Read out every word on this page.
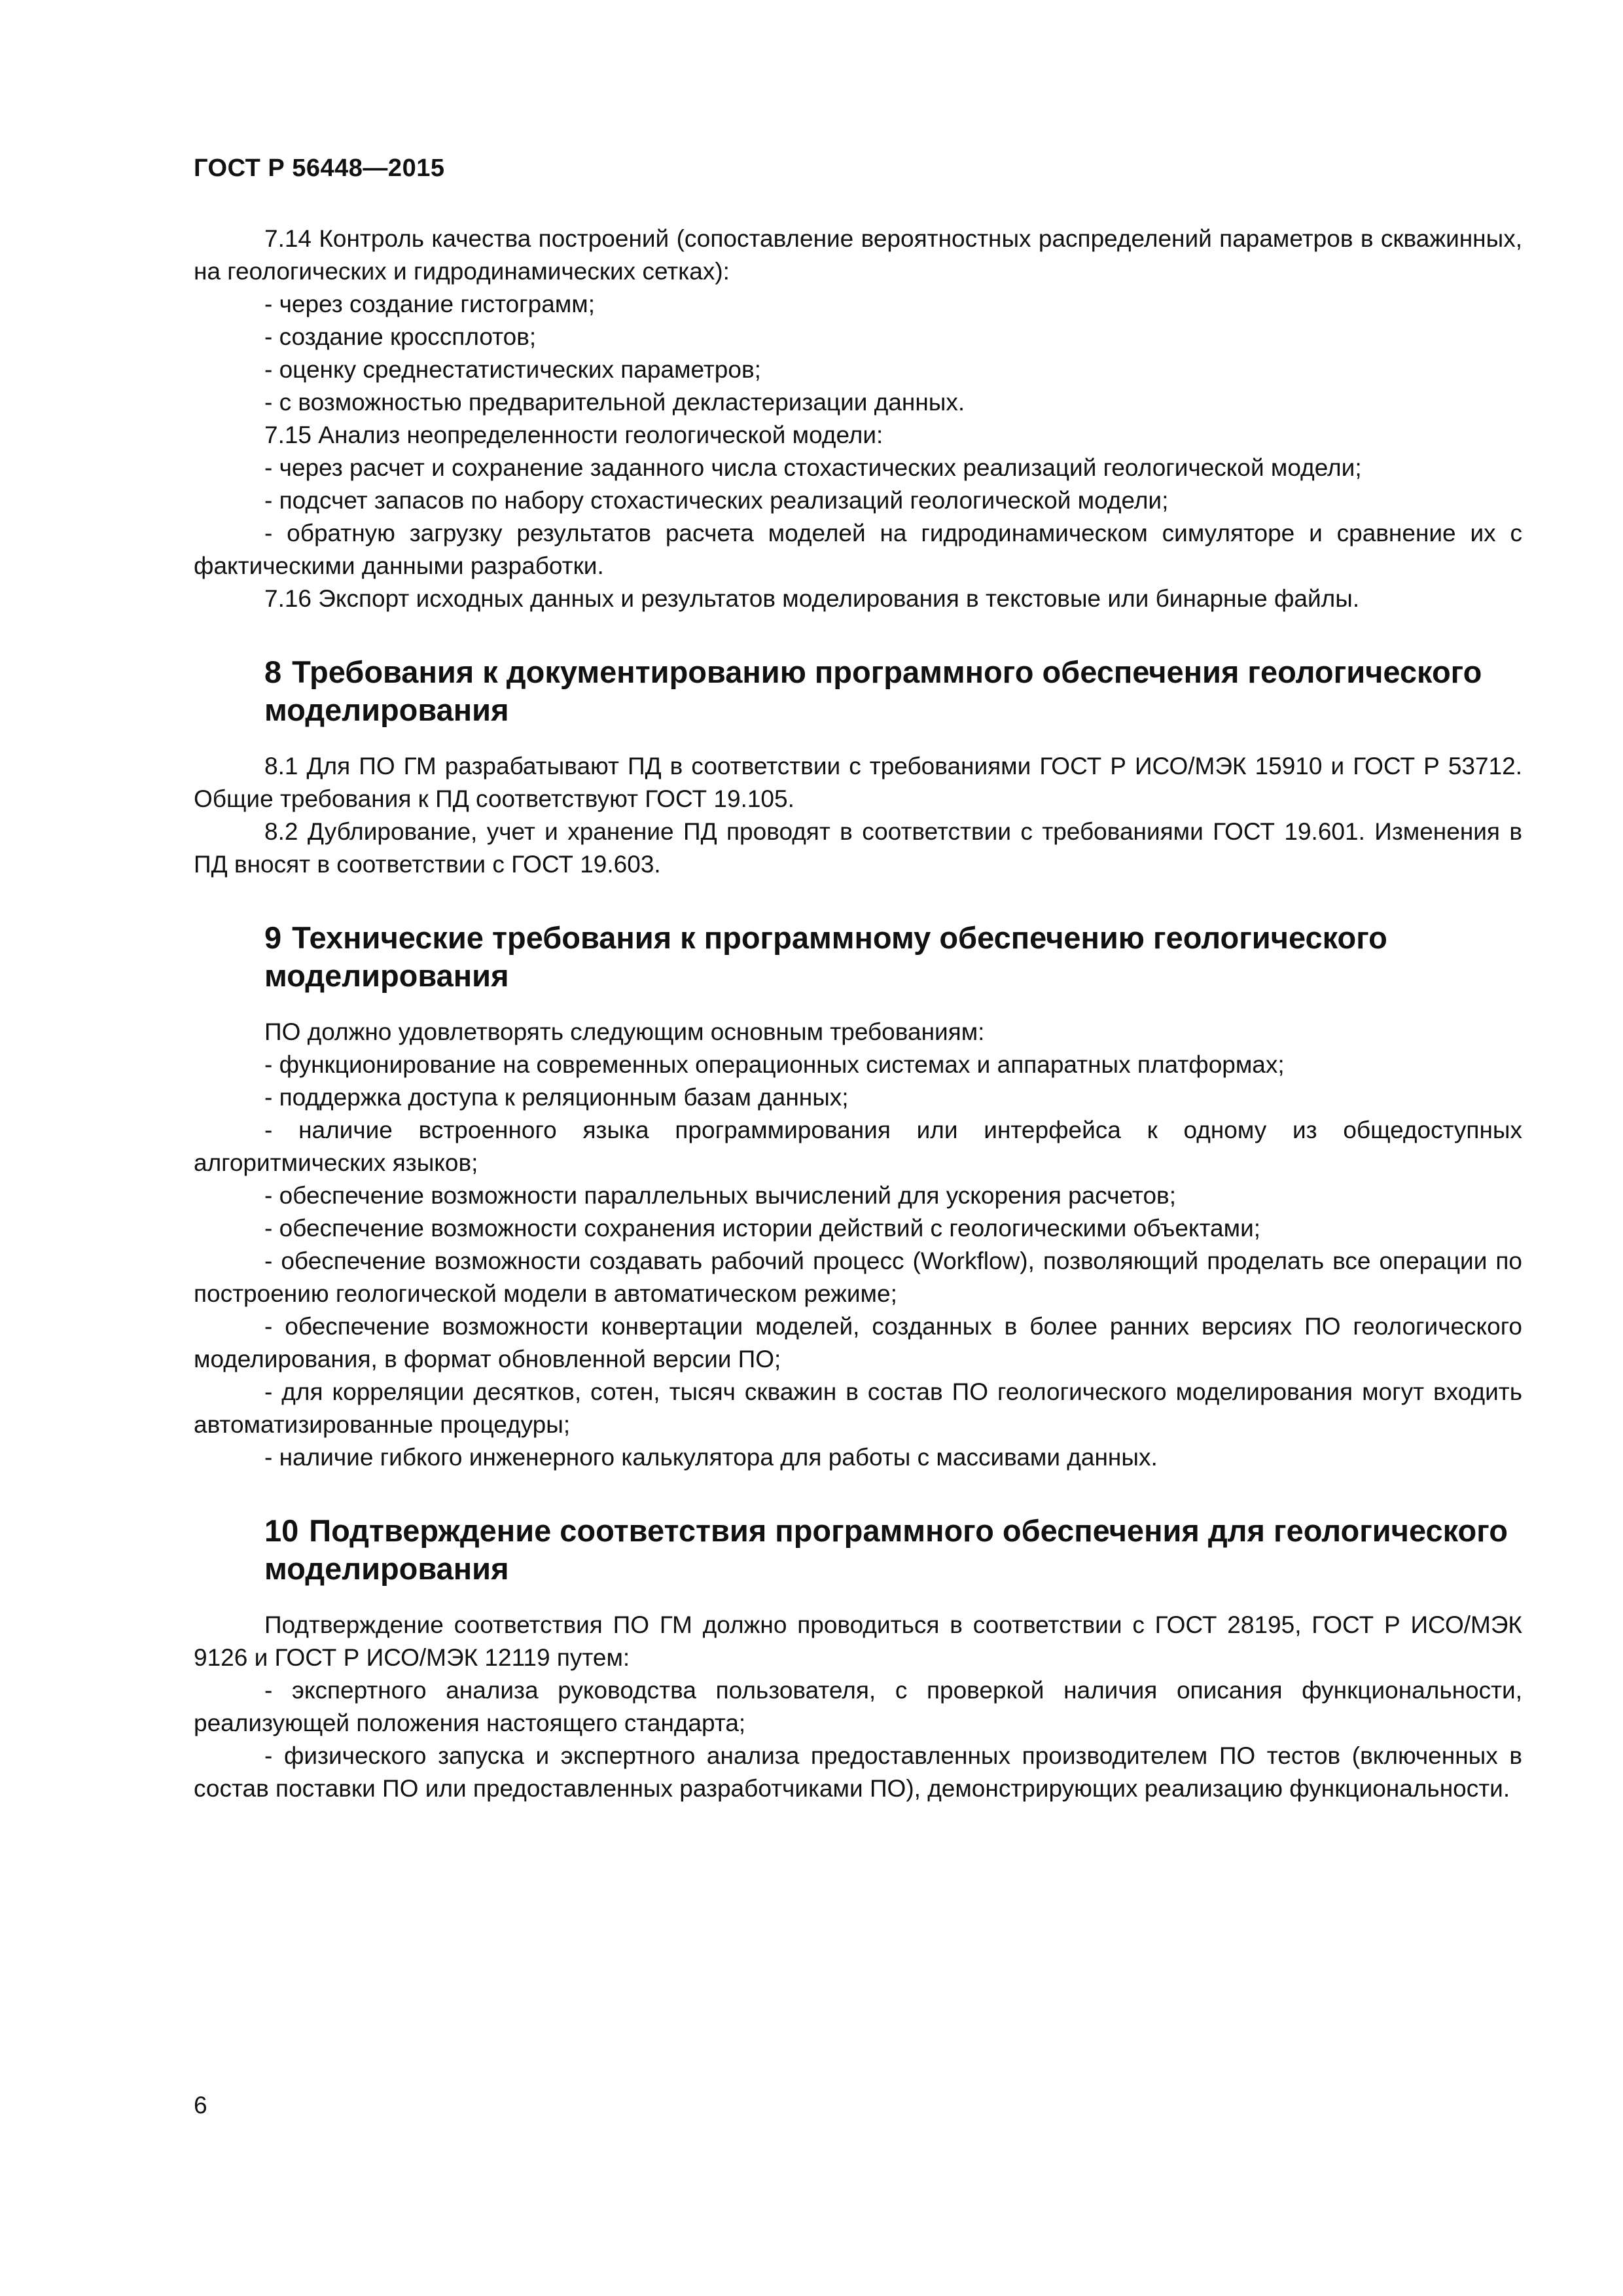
ГОСТ Р 56448—2015

7.14 Контроль качества построений (сопоставление вероятностных распределений параметров в скважинных, на геологических и гидродинамических сетках):

- через создание гистограмм;

- создание кроссплотов;

- оценку среднестатистических параметров;

- с возможностью предварительной декластеризации данных.

7.15 Анализ неопределенности геологической модели:

- через расчет и сохранение заданного числа стохастических реализаций геологической модели;

- подсчет запасов по набору стохастических реализаций геологической модели;

- обратную загрузку результатов расчета моделей на гидродинамическом симуляторе и сравнение их с фактическими данными разработки.

7.16 Экспорт исходных данных и результатов моделирования в текстовые или бинарные файлы.

8 Требования к документированию программного обеспечения геологического моделирования

8.1 Для ПО ГМ разрабатывают ПД в соответствии с требованиями ГОСТ Р ИСО/МЭК 15910 и ГОСТ Р 53712. Общие требования к ПД соответствуют ГОСТ 19.105.

8.2 Дублирование, учет и хранение ПД проводят в соответствии с требованиями ГОСТ 19.601. Изменения в ПД вносят в соответствии с ГОСТ 19.603.

9 Технические требования к программному обеспечению геологического моделирования

ПО должно удовлетворять следующим основным требованиям:

- функционирование на современных операционных системах и аппаратных платформах;

- поддержка доступа к реляционным базам данных;

- наличие встроенного языка программирования или интерфейса к одному из общедоступных алгоритмических языков;

- обеспечение возможности параллельных вычислений для ускорения расчетов;

- обеспечение возможности сохранения истории действий с геологическими объектами;

- обеспечение возможности создавать рабочий процесс (Workflow), позволяющий проделать все операции по построению геологической модели в автоматическом режиме;

- обеспечение возможности конвертации моделей, созданных в более ранних версиях ПО геологического моделирования, в формат обновленной версии ПО;

- для корреляции десятков, сотен, тысяч скважин в состав ПО геологического моделирования могут входить автоматизированные процедуры;

- наличие гибкого инженерного калькулятора для работы с массивами данных.

10 Подтверждение соответствия программного обеспечения для геологического моделирования

Подтверждение соответствия ПО ГМ должно проводиться в соответствии с ГОСТ 28195, ГОСТ Р ИСО/МЭК 9126 и ГОСТ Р ИСО/МЭК 12119 путем:

- экспертного анализа руководства пользователя, с проверкой наличия описания функциональности, реализующей положения настоящего стандарта;

- физического запуска и экспертного анализа предоставленных производителем ПО тестов (включенных в состав поставки ПО или предоставленных разработчиками ПО), демонстрирующих реализацию функциональности.

6
